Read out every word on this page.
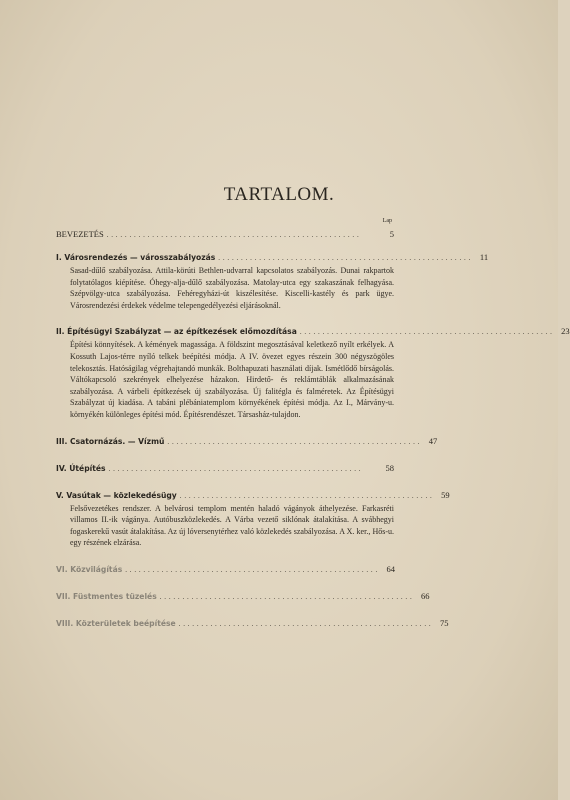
TARTALOM.
Lap
BEVEZETÉS ........................................................	5
I. Városrendezés — városszabályozás ........................................................ 11
Sasad-dűlő szabályozása. Attila-körúti Bethlen-udvarral kapcsolatos szabályozás. Dunai rakpartok folytatólagos kiépítése. Óhegy-alja-dűlő szabályozása. Matolay-utca egy szakaszának felhagyása. Szépvölgy-utca szabályozása. Fehéregyházi-út kiszélesítése. Kiscelli-kastély és park ügye. Városrendezési érdekek védelme telepengedélyezési eljárásoknál.
II. Építésügyi Szabályzat — az építkezések előmozdítása ........................................................ 23
Építési könnyítések. A kémények magassága. A földszint megosztásával keletkező nyílt erkélyek. A Kossuth Lajos-térre nyíló telkek beépítési módja. A IV. övezet egyes részein 300 négyszögöles telekosztás. Hatóságilag végrehajtandó munkák. Bolthapuzati használati díjak. Ismétlődő bírságolás. Váltókapcsoló szekrények elhelyezése házakon. Hirdető- és reklámtáblák alkalmazásának szabályozása. A várbeli építkezések új szabályozása. Új falitégla és falméretek. Az Építésügyi Szabályzat új kiadása. A tabáni plébániatemplom környékének építési módja. Az I., Márvány-u. környékén különleges építési mód. Építésrendészet. Társasház-tulajdon.
III. Csatornázás. — Vízmű ........................................................ 47
IV. Útépítés ........................................................	58
V. Vasútak — közlekedésügy ........................................................ 59
Felsővezetékes rendszer. A belvárosi templom mentén haladó vágányok áthelyezése. Farkasréti villamos II.-ik vágánya. Autóbuszközlekedés. A Várba vezető siklónak átalakítása. A svábhegyi fogaskerekű vasút átalakítása. Az új lóversenytérhez való közlekedés szabályozása. A X. ker., Hős-u. egy részének elzárása.
VI. Közvilágítás ........................................................ 64
VII. Füstmentes tüzelés ........................................................ 66
VIII. Közterületek beépítése ........................................................ 75
